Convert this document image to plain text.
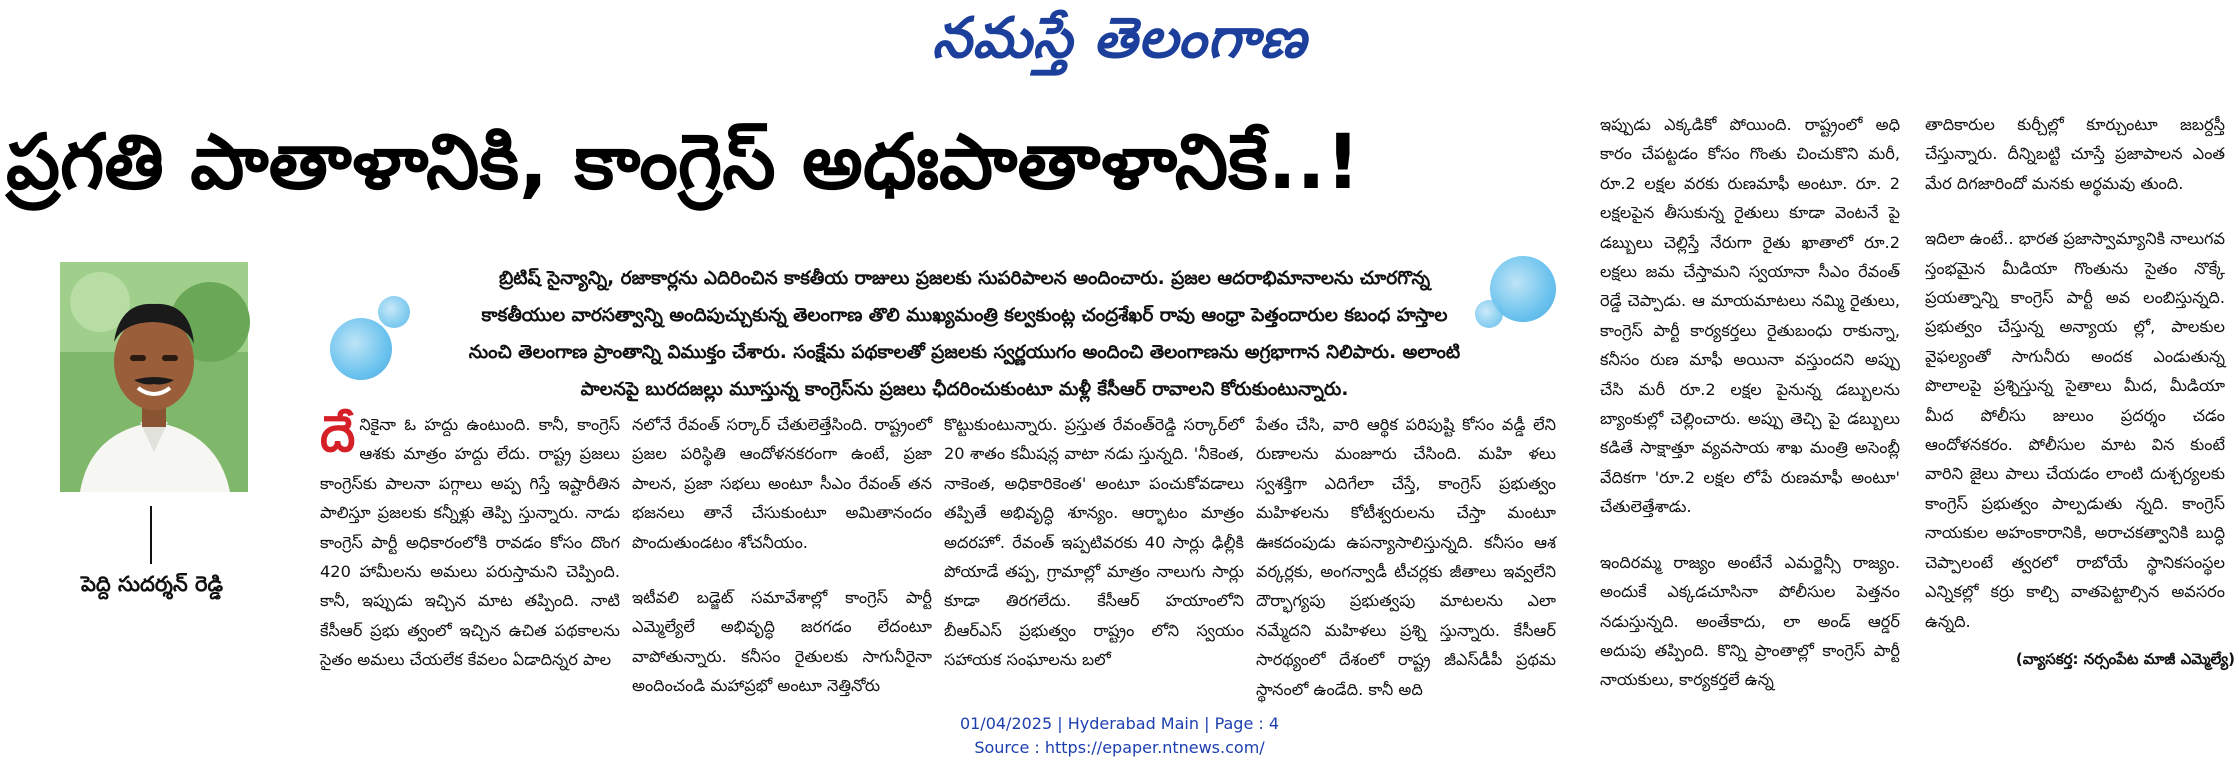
నమస్తే తెలంగాణ
ప్రగతి పాతాళానికి, కాంగ్రెస్ అధఃపాతాళానికే..!
పెద్ది సుదర్శన్ రెడ్డి
బ్రిటిష్ సైన్యాన్ని, రజాకార్లను ఎదిరించిన కాకతీయ రాజులు ప్రజలకు సుపరిపాలన అందించారు. ప్రజల ఆదరాభిమానాలను చూరగొన్న కాకతీయుల వారసత్వాన్ని అందిపుచ్చుకున్న తెలంగాణ తొలి ముఖ్యమంత్రి కల్వకుంట్ల చంద్రశేఖర్ రావు ఆంధ్రా పెత్తందారుల కబంధ హస్తాల నుంచి తెలంగాణ ప్రాంతాన్ని విముక్తం చేశారు. సంక్షేమ పథకాలతో ప్రజలకు స్వర్ణయుగం అందించి తెలంగాణను అగ్రభాగాన నిలిపారు. అలాంటి పాలనపై బురదజల్లు మూస్తున్న కాంగ్రెస్‌ను ప్రజలు ఛీదరించుకుంటూ మళ్లీ కేసీఆర్ రావాలని కోరుకుంటున్నారు.
దే నికైనా ఓ హద్దు ఉంటుంది. కానీ, కాంగ్రెస్ ఆశకు మాత్రం హద్దు లేదు. రాష్ట్ర ప్రజలు కాంగ్రెస్‌కు పాలనా పగ్గాలు అప్ప గిస్తే ఇష్టారీతిన పాలిస్తూ ప్రజలకు కన్నీళ్లు తెప్పి స్తున్నారు. నాడు కాంగ్రెస్ పార్టీ అధికారంలోకి రావడం కోసం దొంగ 420 హామీలను అమలు పరుస్తామని చెప్పింది. కానీ, ఇప్పుడు ఇచ్చిన మాట తప్పింది. నాటి కేసీఆర్ ప్రభు త్వంలో ఇచ్చిన ఉచిత పథకాలను సైతం అమలు చేయలేక కేవలం ఏడాదిన్నర పాల

నలోనే రేవంత్ సర్కార్ చేతులెత్తేసింది. రాష్ట్రంలో ప్రజల పరిస్థితి ఆందోళనకరంగా ఉంటే, ప్రజా పాలన, ప్రజా సభలు అంటూ సీఎం రేవంత్ తన భజనలు తానే చేసుకుంటూ అమితానందం పొందుతుండటం శోచనీయం.

ఇటీవలి బడ్జెట్ సమావేశాల్లో కాంగ్రెస్ పార్టీ ఎమ్మెల్యేలే అభివృద్ధి జరగడం లేదంటూ వాపోతున్నారు. కనీసం రైతులకు సాగునీరైనా అందించండి మహాప్రభో అంటూ నెత్తినోరు

కొట్టుకుంటున్నారు. ప్రస్తుత రేవంత్‌రెడ్డి సర్కార్‌లో 20 శాతం కమీషన్ల వాటా నడు స్తున్నది. 'నీకెంత, నాకెంత, అధికారికెంత' అంటూ పంచుకోవడాలు తప్పితే అభివృద్ధి శూన్యం. ఆర్భాటం మాత్రం అదరహో. రేవంత్ ఇప్పటివరకు 40 సార్లు ఢిల్లీకి పోయాడే తప్ప, గ్రామాల్లో మాత్రం నాలుగు సార్లు కూడా తిరగలేదు. కేసీఆర్ హయాంలోని బీఆర్‌ఎస్ ప్రభుత్వం రాష్ట్రం లోని స్వయం సహాయక సంఘాలను బలో

పేతం చేసి, వారి ఆర్థిక పరిపుష్టి కోసం వడ్డీ లేని రుణాలను మంజూరు చేసింది. మహి ళలు స్వశక్తిగా ఎదిగేలా చేస్తే, కాంగ్రెస్ ప్రభుత్వం మహిళలను కోటీశ్వరులను చేస్తా మంటూ ఊకదంపుడు ఉపన్యాసాలిస్తున్నది. కనీసం ఆశ వర్కర్లకు, అంగన్వాడీ టీచర్లకు జీతాలు ఇవ్వలేని దౌర్భాగ్యపు ప్రభుత్వపు మాటలను ఎలా నమ్మేదని మహిళలు ప్రశ్ని స్తున్నారు. కేసీఆర్ సారథ్యంలో దేశంలో రాష్ట్ర జీఎస్‌డీపీ ప్రథమ స్థానంలో ఉండేది. కానీ అది

ఇప్పుడు ఎక్కడికో పోయింది. రాష్ట్రంలో అధి కారం చేపట్టడం కోసం గొంతు చించుకొని మరీ, రూ.2 లక్షల వరకు రుణమాఫీ అంటూ. రూ. 2 లక్షలపైన తీసుకున్న రైతులు కూడా వెంటనే పై డబ్బులు చెల్లిస్తే నేరుగా రైతు ఖాతాలో రూ.2 లక్షలు జమ చేస్తామని స్వయానా సీఎం రేవంత్ రెడ్డే చెప్పాడు. ఆ మాయమాటలు నమ్మి రైతులు, కాంగ్రెస్ పార్టీ కార్యకర్తలు రైతుబంధు రాకున్నా, కనీసం రుణ మాఫీ అయినా వస్తుందని అప్పు చేసి మరీ రూ.2 లక్షల పైనున్న డబ్బులను బ్యాంకుల్లో చెల్లించారు. అప్పు తెచ్చి పై డబ్బులు కడితే సాక్షాత్తూ వ్యవసాయ శాఖ మంత్రి అసెంబ్లీ వేదికగా 'రూ.2 లక్షల లోపే రుణమాఫీ అంటూ' చేతులెత్తేశాడు.

ఇందిరమ్మ రాజ్యం అంటేనే ఎమర్జెన్సీ రాజ్యం. అందుకే ఎక్కడచూసినా పోలీసుల పెత్తనం నడుస్తున్నది. అంతేకాదు, లా అండ్ ఆర్డర్ అదుపు తప్పింది. కొన్ని ప్రాంతాల్లో కాంగ్రెస్ పార్టీ నాయకులు, కార్యకర్తలే ఉన్న

తాదికారుల కుర్చీల్లో కూర్చుంటూ జబర్దస్తీ చేస్తున్నారు. దీన్నిబట్టి చూస్తే ప్రజాపాలన ఎంత మేర దిగజారిందో మనకు అర్థమవు తుంది.

ఇదిలా ఉంటే.. భారత ప్రజాస్వామ్యానికి నాలుగవ స్తంభమైన మీడియా గొంతును సైతం నొక్కే ప్రయత్నాన్ని కాంగ్రెస్ పార్టీ అవ లంబిస్తున్నది. ప్రభుత్వం చేస్తున్న అన్యాయ ల్లో, పాలకుల వైఫల్యంతో సాగునీరు అందక ఎండుతున్న పొలాలపై ప్రశ్నిస్తున్న సైతాలు మీద, మీడియా మీద పోలీసు జులుం ప్రదర్శం చడం ఆందోళనకరం. పోలీసుల మాట విన కుంటే వారిని జైలు పాలు చేయడం లాంటి దుశ్చర్యలకు కాంగ్రెస్ ప్రభుత్వం పాల్పడుతు న్నది. కాంగ్రెస్ నాయకుల అహంకారానికి, అరాచకత్వానికి బుద్ధి చెప్పాలంటే త్వరలో రాబోయే స్థానికసంస్థల ఎన్నికల్లో కర్రు కాల్చి వాతపెట్టాల్సిన అవసరం ఉన్నది.

(వ్యాసకర్త: నర్సంపేట మాజీ ఎమ్మెల్యే)
01/04/2025 | Hyderabad Main | Page : 4
Source : https://epaper.ntnews.com/
